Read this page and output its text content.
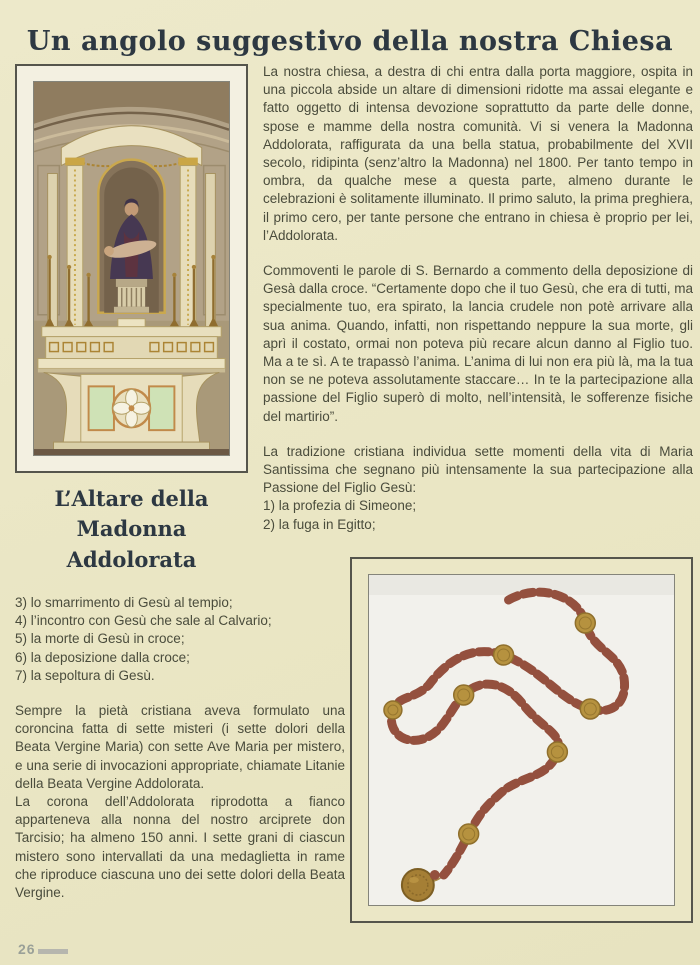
Un angolo suggestivo della nostra Chiesa
L’Altare della
Madonna Addolorata

La nostra chiesa, a destra di chi entra dalla porta maggiore, ospita in una piccola abside un altare di dimensioni ridotte ma assai elegante e fatto oggetto di intensa devozione soprattutto da parte delle donne, spose e mamme della nostra comunità. Vi si venera la Madonna Addolorata, raffigurata da una bella statua, probabilmente del XVII secolo, ridipinta (senz’altro la Madonna) nel 1800. Per tanto tempo in ombra, da qualche mese a questa parte, almeno durante le celebrazioni è solitamente illuminato. Il primo saluto, la prima preghiera, il primo cero, per tante persone che entrano in chiesa è proprio per lei, l’Addolorata.

Commoventi le parole di S. Bernardo a commento della deposizione di Gesà dalla croce. “Certamente dopo che il tuo Gesù, che era di tutti, ma specialmente tuo, era spirato, la lancia crudele non potè arrivare alla sua anima. Quando, infatti, non rispettando neppure la sua morte, gli aprì il costato, ormai non poteva più recare alcun danno al Figlio tuo. Ma a te sì. A te trapassò l’anima. L’anima di lui non era più là, ma la tua non se ne poteva assolutamente staccare… In te la partecipazione alla passione del Figlio superò di molto, nell’intensità, le sofferenze fisiche del martirio”.

La tradizione cristiana individua sette momenti della vita di Maria Santissima che segnano più intensamente la sua partecipazione alla Passione del Figlio Gesù:

1) la profezia di Simeone;

2) la fuga in Egitto;

3) lo smarrimento di Gesù al tempio;

4) l’incontro con Gesù che sale al Calvario;

5) la morte di Gesù in croce;

6) la deposizione dalla croce;

7) la sepoltura di Gesù.

Sempre la pietà cristiana aveva formulato una coroncina fatta di sette misteri (i sette dolori della Beata Vergine Maria) con sette Ave Maria per mistero, e una serie di invocazioni appropriate, chiamate Litanie della Beata Vergine Addolorata.

La corona dell’Addolorata riprodotta a fianco apparteneva alla nonna del nostro arciprete don Tarcisio; ha almeno 150 anni. I sette grani di ciascun mistero sono intervallati da una medaglietta in rame che riproduce ciascuna uno dei sette dolori della Beata Vergine.

26
